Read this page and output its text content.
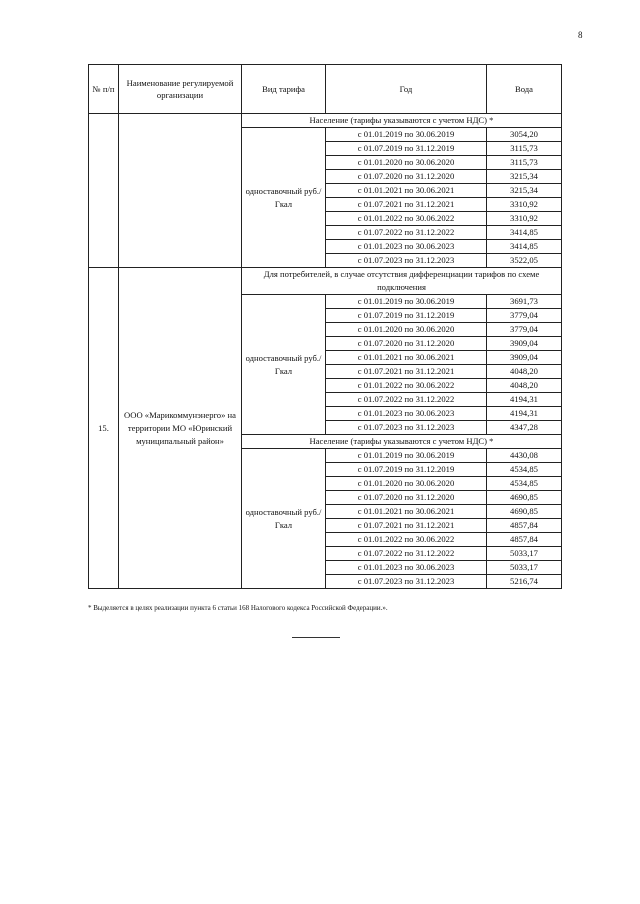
8
№ п/п	Наименование регулируемой организации	Вид тарифа	Год	Вода
		Население (тарифы указываются с учетом НДС) *		
		одноставочный руб./Гкал	с 01.01.2019 по 30.06.2019	3054,20
			с 01.07.2019 по 31.12.2019	3115,73
			с 01.01.2020 по 30.06.2020	3115,73
			с 01.07.2020 по 31.12.2020	3215,34
			с 01.01.2021 по 30.06.2021	3215,34
			с 01.07.2021 по 31.12.2021	3310,92
			с 01.01.2022 по 30.06.2022	3310,92
			с 01.07.2022 по 31.12.2022	3414,85
			с 01.01.2023 по 30.06.2023	3414,85
			с 01.07.2023 по 31.12.2023	3522,05
15.	ООО «Марикоммунэнерго» на территории МО «Юринский муниципальный район»	Для потребителей, в случае отсутствия дифференциации тарифов по схеме подключения		
		одноставочный руб./Гкал	с 01.01.2019 по 30.06.2019	3691,73
			с 01.07.2019 по 31.12.2019	3779,04
			с 01.01.2020 по 30.06.2020	3779,04
			с 01.07.2020 по 31.12.2020	3909,04
			с 01.01.2021 по 30.06.2021	3909,04
			с 01.07.2021 по 31.12.2021	4048,20
			с 01.01.2022 по 30.06.2022	4048,20
			с 01.07.2022 по 31.12.2022	4194,31
			с 01.01.2023 по 30.06.2023	4194,31
			с 01.07.2023 по 31.12.2023	4347,28
		Население (тарифы указываются с учетом НДС) *		
		одноставочный руб./Гкал	с 01.01.2019 по 30.06.2019	4430,08
			с 01.07.2019 по 31.12.2019	4534,85
			с 01.01.2020 по 30.06.2020	4534,85
			с 01.07.2020 по 31.12.2020	4690,85
			с 01.01.2021 по 30.06.2021	4690,85
			с 01.07.2021 по 31.12.2021	4857,84
			с 01.01.2022 по 30.06.2022	4857,84
			с 01.07.2022 по 31.12.2022	5033,17
			с 01.01.2023 по 30.06.2023	5033,17
			с 01.07.2023 по 31.12.2023	5216,74
* Выделяется в целях реализации пункта 6 статьи 168 Налогового кодекса Российской Федерации.».
